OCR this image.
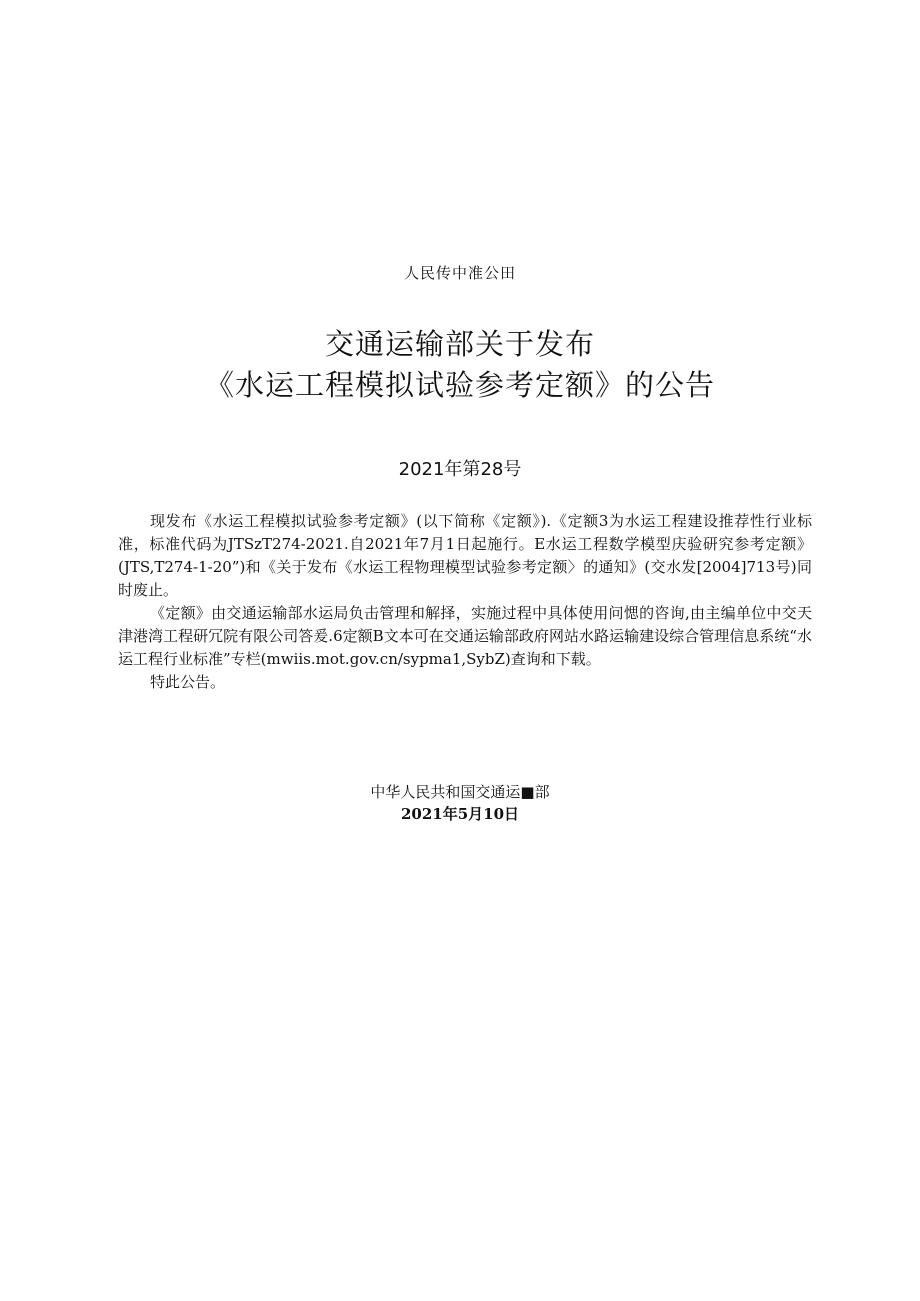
人民传中准公田
交通运输部关于发布
《水运工程模拟试验参考定额》的公告
2021年第28号

现发布《水运工程模拟试验参考定额》(以下简称《定额》).《定额3为水运工程建设推荐性行业标准，标准代码为JTSzT274-2021.自2021年7月1日起施行。E水运工程数学模型庆验研究参考定额》(JTS,T274-1-20”)和《关于发布《水运工程物理模型试验参考定额〉的通知》(交水发[2004]713号)同时废止。

《定额》由交通运输部水运局负击管理和解择，实施过程中具体使用问愢的咨询,由主编单位中交天津港湾工程研冗院有限公司答爰.6定额B文本可在交通运输部政府网站水路运输建设综合管理信息系统“水运工程行业标准”专栏(mwiis.mot.gov.cn/sypma1,SybZ)查询和下载。

特此公告。

中华人民共和国交通运■部
2021年5月10日
